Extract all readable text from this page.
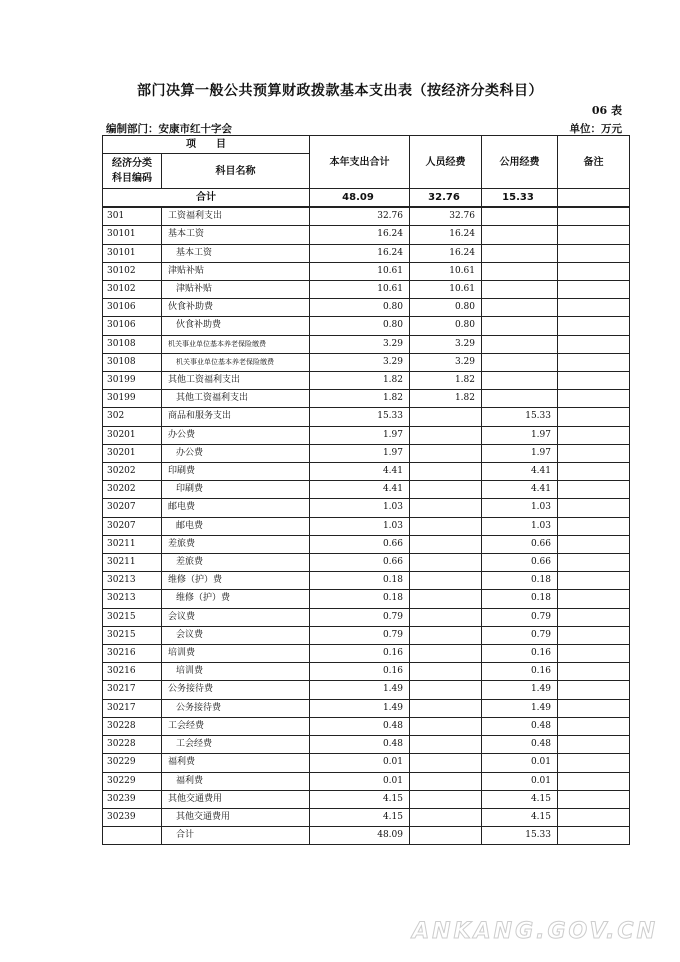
部门决算一般公共预算财政拨款基本支出表（按经济分类科目）
06 表
编制部门：安康市红十字会	单位：万元
项　　目		本年支出合计	人员经费	公用经费	备注
经济分类
科目编码	科目名称				
合计		48.09	32.76	15.33	
301	工资福利支出	32.76	32.76		
30101	基本工资	16.24	16.24		
30101	基本工资	16.24	16.24		
30102	津贴补贴	10.61	10.61		
30102	津贴补贴	10.61	10.61		
30106	伙食补助费	0.80	0.80		
30106	伙食补助费	0.80	0.80		
30108	机关事业单位基本养老保险缴费	3.29	3.29		
30108	机关事业单位基本养老保险缴费	3.29	3.29		
30199	其他工资福利支出	1.82	1.82		
30199	其他工资福利支出	1.82	1.82		
302	商品和服务支出	15.33		15.33	
30201	办公费	1.97		1.97	
30201	办公费	1.97		1.97	
30202	印刷费	4.41		4.41	
30202	印刷费	4.41		4.41	
30207	邮电费	1.03		1.03	
30207	邮电费	1.03		1.03	
30211	差旅费	0.66		0.66	
30211	差旅费	0.66		0.66	
30213	维修（护）费	0.18		0.18	
30213	维修（护）费	0.18		0.18	
30215	会议费	0.79		0.79	
30215	会议费	0.79		0.79	
30216	培训费	0.16		0.16	
30216	培训费	0.16		0.16	
30217	公务接待费	1.49		1.49	
30217	公务接待费	1.49		1.49	
30228	工会经费	0.48		0.48	
30228	工会经费	0.48		0.48	
30229	福利费	0.01		0.01	
30229	福利费	0.01		0.01	
30239	其他交通费用	4.15		4.15	
30239	其他交通费用	4.15		4.15	
	合计	48.09		15.33	
ANKANG.GOV.CN
